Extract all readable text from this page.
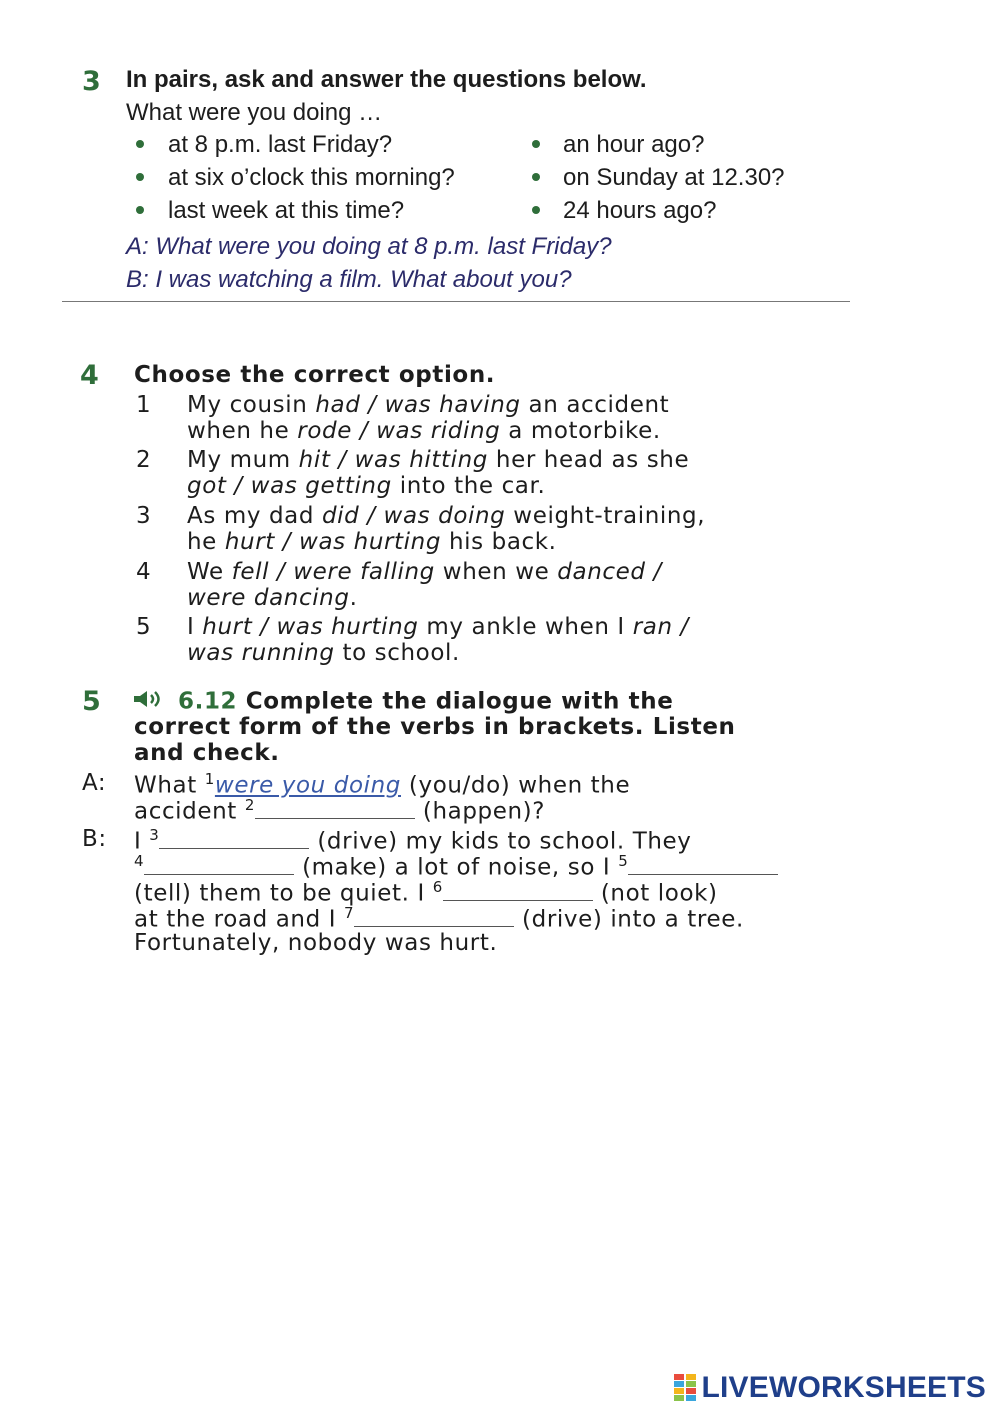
3 In pairs, ask and answer the questions below.
What were you doing …
at 8 p.m. last Friday?
at six o’clock this morning?
last week at this time?
an hour ago?
on Sunday at 12.30?
24 hours ago?
A: What were you doing at 8 p.m. last Friday?
B: I was watching a film. What about you?
4 Choose the correct option.
1 My cousin had / was having an accident
when he rode / was riding a motorbike.
2 My mum hit / was hitting her head as she
got / was getting into the car.
3 As my dad did / was doing weight-training,
he hurt / was hurting his back.
4 We fell / were falling when we danced /
were dancing.
5 I hurt / was hurting my ankle when I ran /
was running to school.
5	6.12 Complete the dialogue with the
correct form of the verbs in brackets. Listen
and check.
A: What $^1$were you doing (you/do) when the
accident $^2$	(happen)?
B: I $^3$	(drive) my kids to school. They
$^4$	(make) a lot of noise, so I $^5$
(tell) them to be quiet. I $^6$	(not look)
at the road and I $^7$	(drive) into a tree.
Fortunately, nobody was hurt.
LIVEWORKSHEETS
